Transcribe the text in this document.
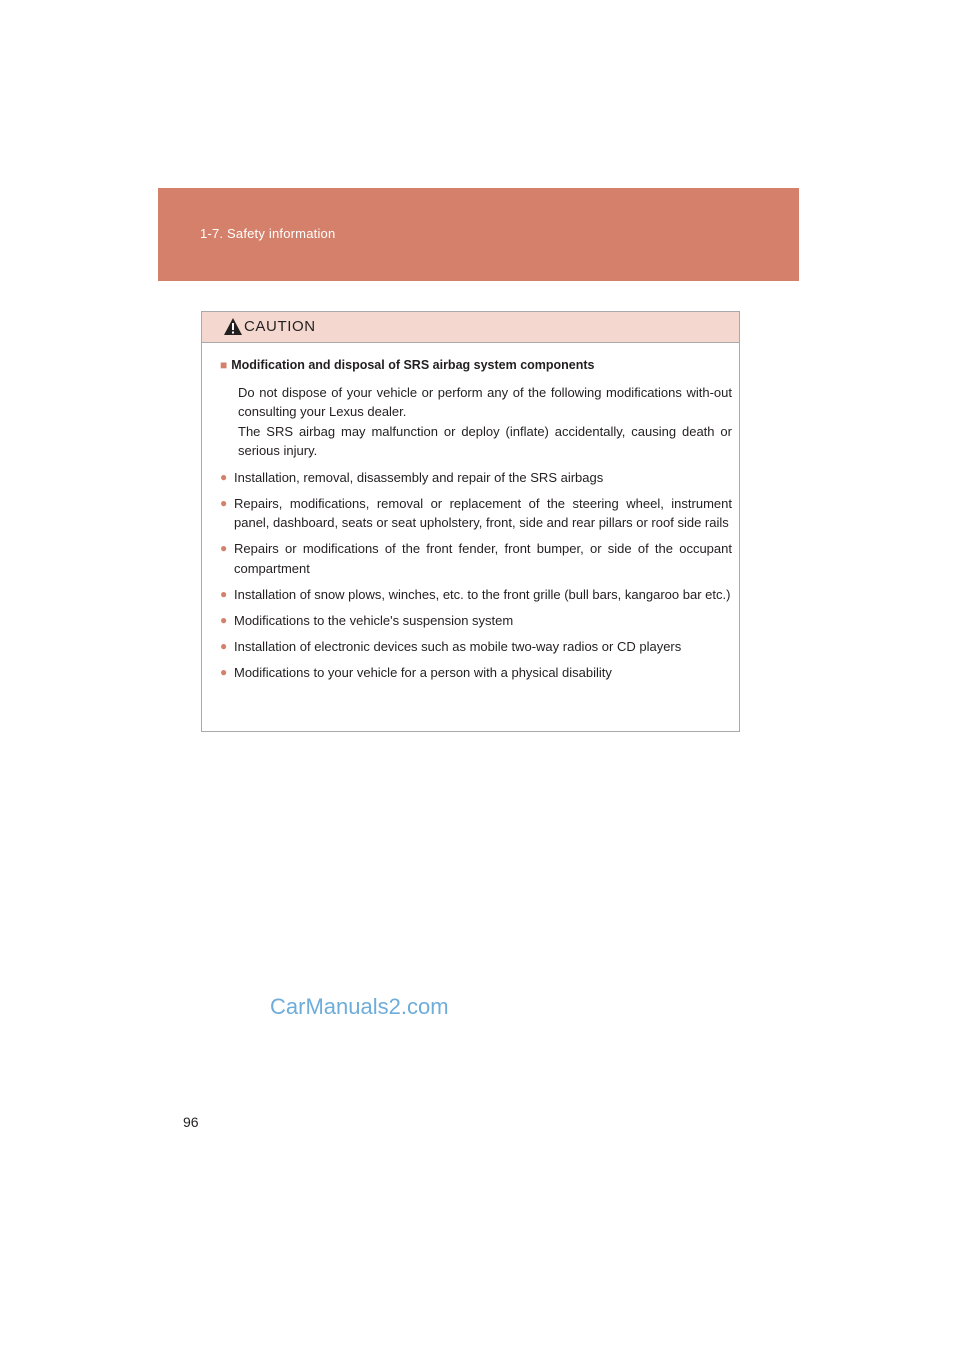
1-7. Safety information
CAUTION
■ Modification and disposal of SRS airbag system components

Do not dispose of your vehicle or perform any of the following modifications with-out consulting your Lexus dealer.

The SRS airbag may malfunction or deploy (inflate) accidentally, causing death or serious injury.

● Installation, removal, disassembly and repair of the SRS airbags
● Repairs, modifications, removal or replacement of the steering wheel, instrument panel, dashboard, seats or seat upholstery, front, side and rear pillars or roof side rails
● Repairs or modifications of the front fender, front bumper, or side of the occupant compartment
● Installation of snow plows, winches, etc. to the front grille (bull bars, kangaroo bar etc.)
● Modifications to the vehicle's suspension system
● Installation of electronic devices such as mobile two-way radios or CD players
● Modifications to your vehicle for a person with a physical disability
CarManuals2.com
96
